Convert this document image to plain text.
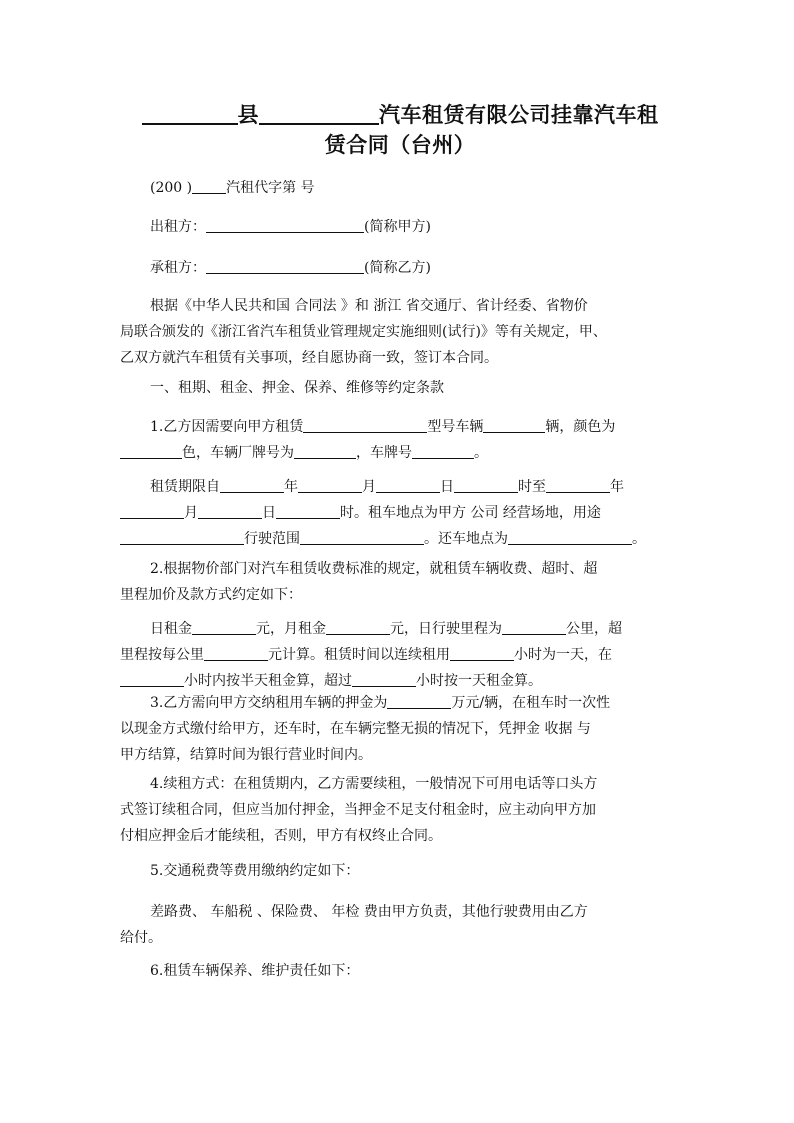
县	汽车租赁有限公司挂靠汽车租
赁合同（台州）
(200 ) 汽租代字第 号
出租方：	(简称甲方)
承租方：	(简称乙方)
根据《中华人民共和国 合同法 》和 浙江 省交通厅、省计经委、省物价
局联合颁发的《浙江省汽车租赁业管理规定实施细则(试行)》等有关规定，甲、
乙双方就汽车租赁有关事项，经自愿协商一致，签订本合同。
一、租期、租金、押金、保养、维修等约定条款
1.乙方因需要向甲方租赁	型号车辆	辆，颜色为
色，车辆厂牌号为	，车牌号	。
租赁期限自	年	月	日	时至	年
月	日	时。租车地点为甲方 公司 经营场地，用途
行驶范围	。还车地点为	。
2.根据物价部门对汽车租赁收费标准的规定，就租赁车辆收费、超时、超
里程加价及款方式约定如下：
日租金	元，月租金	元，日行驶里程为	公里，超
里程按每公里	元计算。租赁时间以连续租用	小时为一天，在
小时内按半天租金算，超过	小时按一天租金算。
3.乙方需向甲方交纳租用车辆的押金为	万元/辆，在租车时一次性
以现金方式缴付给甲方，还车时，在车辆完整无损的情况下，凭押金 收据 与
甲方结算，结算时间为银行营业时间内。
4.续租方式：在租赁期内，乙方需要续租，一般情况下可用电话等口头方
式签订续租合同，但应当加付押金，当押金不足支付租金时，应主动向甲方加
付相应押金后才能续租，否则，甲方有权终止合同。
5.交通税费等费用缴纳约定如下：
差路费、 车船税 、保险费、 年检 费由甲方负责，其他行驶费用由乙方
给付。
6.租赁车辆保养、维护责任如下：
